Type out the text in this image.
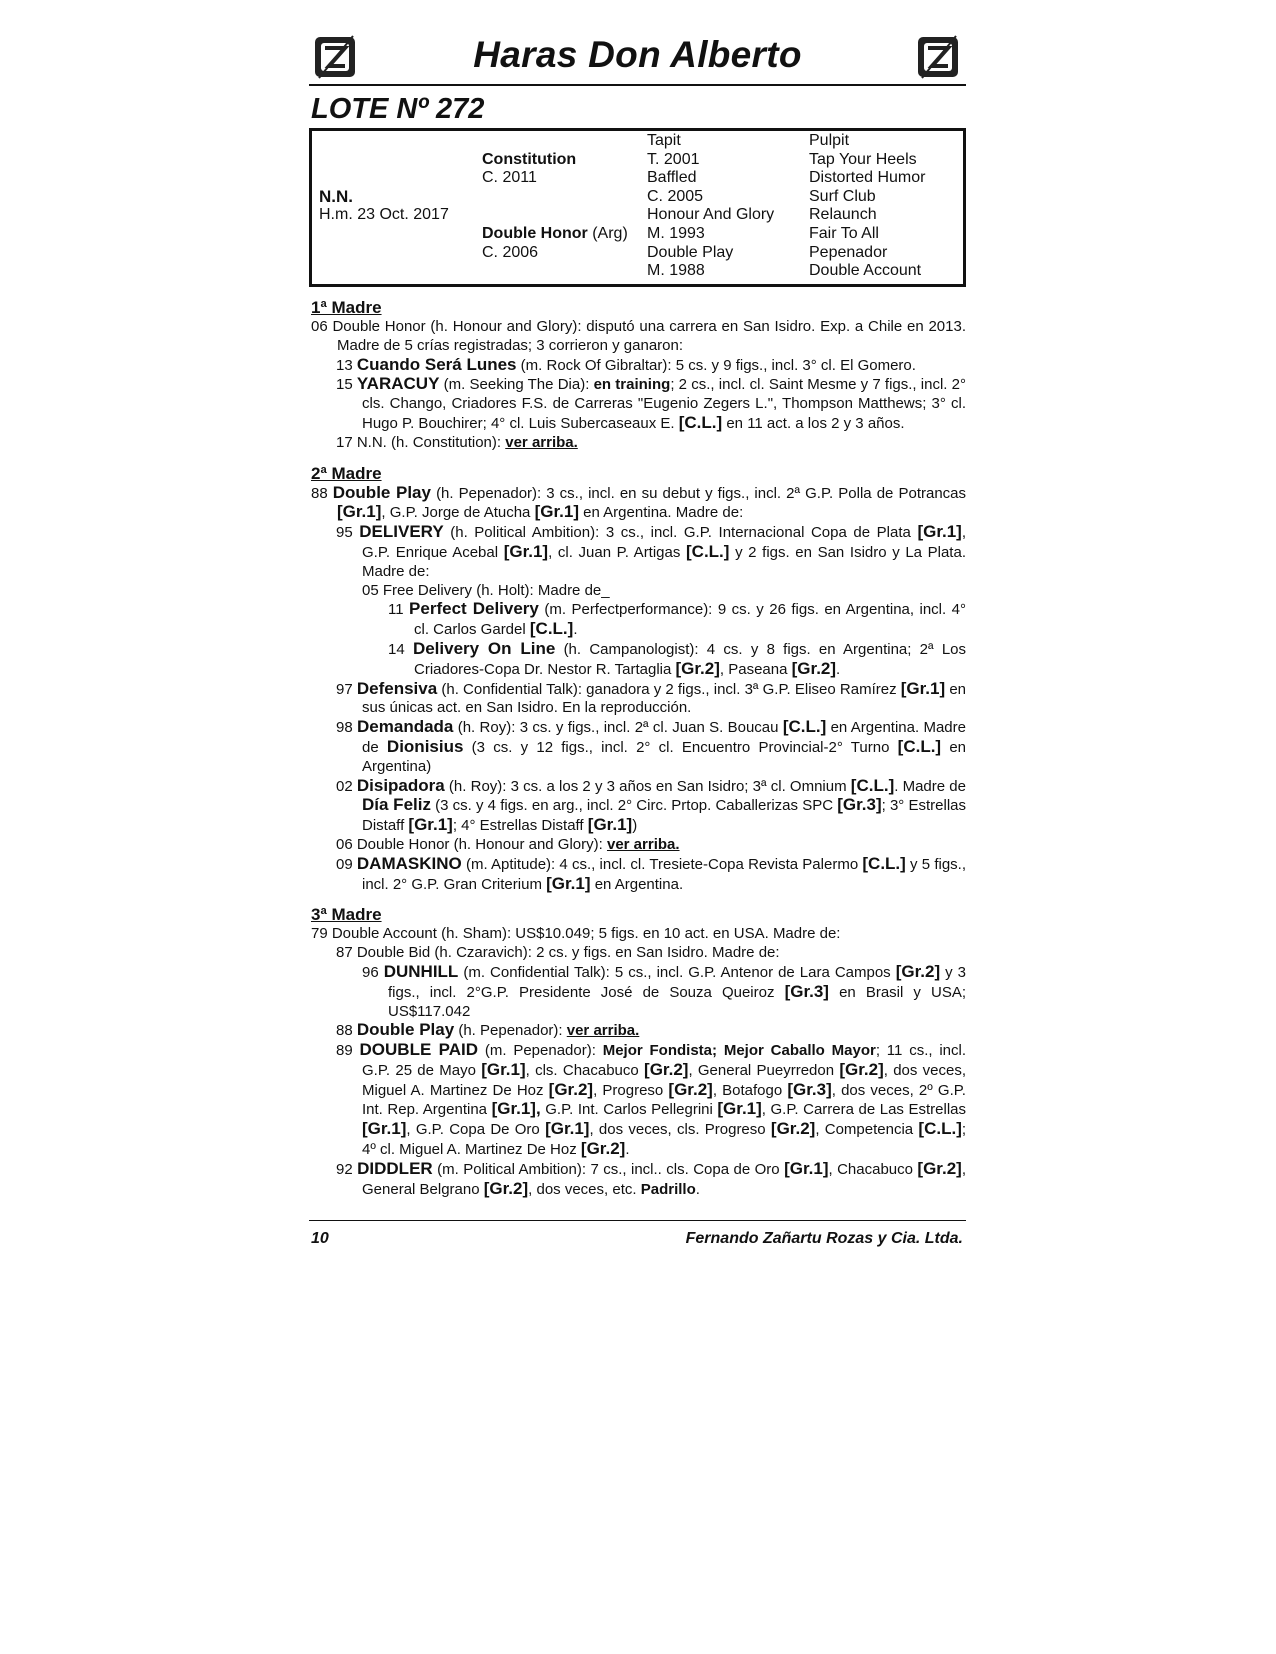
Haras Don Alberto
LOTE Nº 272
N.N.
H.m. 23 Oct. 2017
Constitution
C. 2011
Double Honor (Arg)
C. 2006
Tapit
T. 2001
Baffled
C. 2005
Honour And Glory
M. 1993
Double Play
M. 1988
Pulpit
Tap Your Heels
Distorted Humor
Surf Club
Relaunch
Fair To All
Pepenador
Double Account
1ª Madre
06 Double Honor (h. Honour and Glory): disputó una carrera en San Isidro. Exp. a Chile en 2013. Madre de 5 crías registradas; 3 corrieron y ganaron:
13 Cuando Será Lunes (m. Rock Of Gibraltar): 5 cs. y 9 figs., incl. 3° cl. El Gomero.
15 YARACUY (m. Seeking The Dia): en training; 2 cs., incl. cl. Saint Mesme y 7 figs., incl. 2° cls. Chango, Criadores F.S. de Carreras "Eugenio Zegers L.", Thompson Matthews; 3° cl. Hugo P. Bouchirer; 4° cl. Luis Subercaseaux E. [C.L.] en 11 act. a los 2 y 3 años.
17 N.N. (h. Constitution): ver arriba.
2ª Madre
88 Double Play (h. Pepenador): 3 cs., incl. en su debut y figs., incl. 2ª G.P. Polla de Potrancas [Gr.1], G.P. Jorge de Atucha [Gr.1] en Argentina. Madre de:
95 DELIVERY (h. Political Ambition): 3 cs., incl. G.P. Internacional Copa de Plata [Gr.1], G.P. Enrique Acebal [Gr.1], cl. Juan P. Artigas [C.L.] y 2 figs. en San Isidro y La Plata. Madre de:
05 Free Delivery (h. Holt): Madre de_
11 Perfect Delivery (m. Perfectperformance): 9 cs. y 26 figs. en Argentina, incl. 4° cl. Carlos Gardel [C.L.].
14 Delivery On Line (h. Campanologist): 4 cs. y 8 figs. en Argentina; 2ª Los Criadores-Copa Dr. Nestor R. Tartaglia [Gr.2], Paseana [Gr.2].
97 Defensiva (h. Confidential Talk): ganadora y 2 figs., incl. 3ª G.P. Eliseo Ramírez [Gr.1] en sus únicas act. en San Isidro. En la reproducción.
98 Demandada (h. Roy): 3 cs. y figs., incl. 2ª cl. Juan S. Boucau [C.L.] en Argentina. Madre de Dionisius (3 cs. y 12 figs., incl. 2° cl. Encuentro Provincial-2° Turno [C.L.] en Argentina)
02 Disipadora (h. Roy): 3 cs. a los 2 y 3 años en San Isidro; 3ª cl. Omnium [C.L.]. Madre de Día Feliz (3 cs. y 4 figs. en arg., incl. 2° Circ. Prtop. Caballerizas SPC [Gr.3]; 3° Estrellas Distaff [Gr.1]; 4° Estrellas Distaff [Gr.1])
06 Double Honor (h. Honour and Glory): ver arriba.
09 DAMASKINO (m. Aptitude): 4 cs., incl. cl. Tresiete-Copa Revista Palermo [C.L.] y 5 figs., incl. 2° G.P. Gran Criterium [Gr.1] en Argentina.
3ª Madre
79 Double Account (h. Sham): US$10.049; 5 figs. en 10 act. en USA. Madre de:
87 Double Bid (h. Czaravich): 2 cs. y figs. en San Isidro. Madre de:
96 DUNHILL (m. Confidential Talk): 5 cs., incl. G.P. Antenor de Lara Campos [Gr.2] y 3 figs., incl. 2°G.P. Presidente José de Souza Queiroz [Gr.3] en Brasil y USA; US$117.042
88 Double Play (h. Pepenador): ver arriba.
89 DOUBLE PAID (m. Pepenador): Mejor Fondista; Mejor Caballo Mayor; 11 cs., incl. G.P. 25 de Mayo [Gr.1], cls. Chacabuco [Gr.2], General Pueyrredon [Gr.2], dos veces, Miguel A. Martinez De Hoz [Gr.2], Progreso [Gr.2], Botafogo [Gr.3], dos veces, 2º G.P. Int. Rep. Argentina [Gr.1], G.P. Int. Carlos Pellegrini [Gr.1], G.P. Carrera de Las Estrellas [Gr.1], G.P. Copa De Oro [Gr.1], dos veces, cls. Progreso [Gr.2], Competencia [C.L.]; 4º cl. Miguel A. Martinez De Hoz [Gr.2].
92 DIDDLER (m. Political Ambition): 7 cs., incl.. cls. Copa de Oro [Gr.1], Chacabuco [Gr.2], General Belgrano [Gr.2], dos veces, etc. Padrillo.
10	Fernando Zañartu Rozas y Cia. Ltda.
